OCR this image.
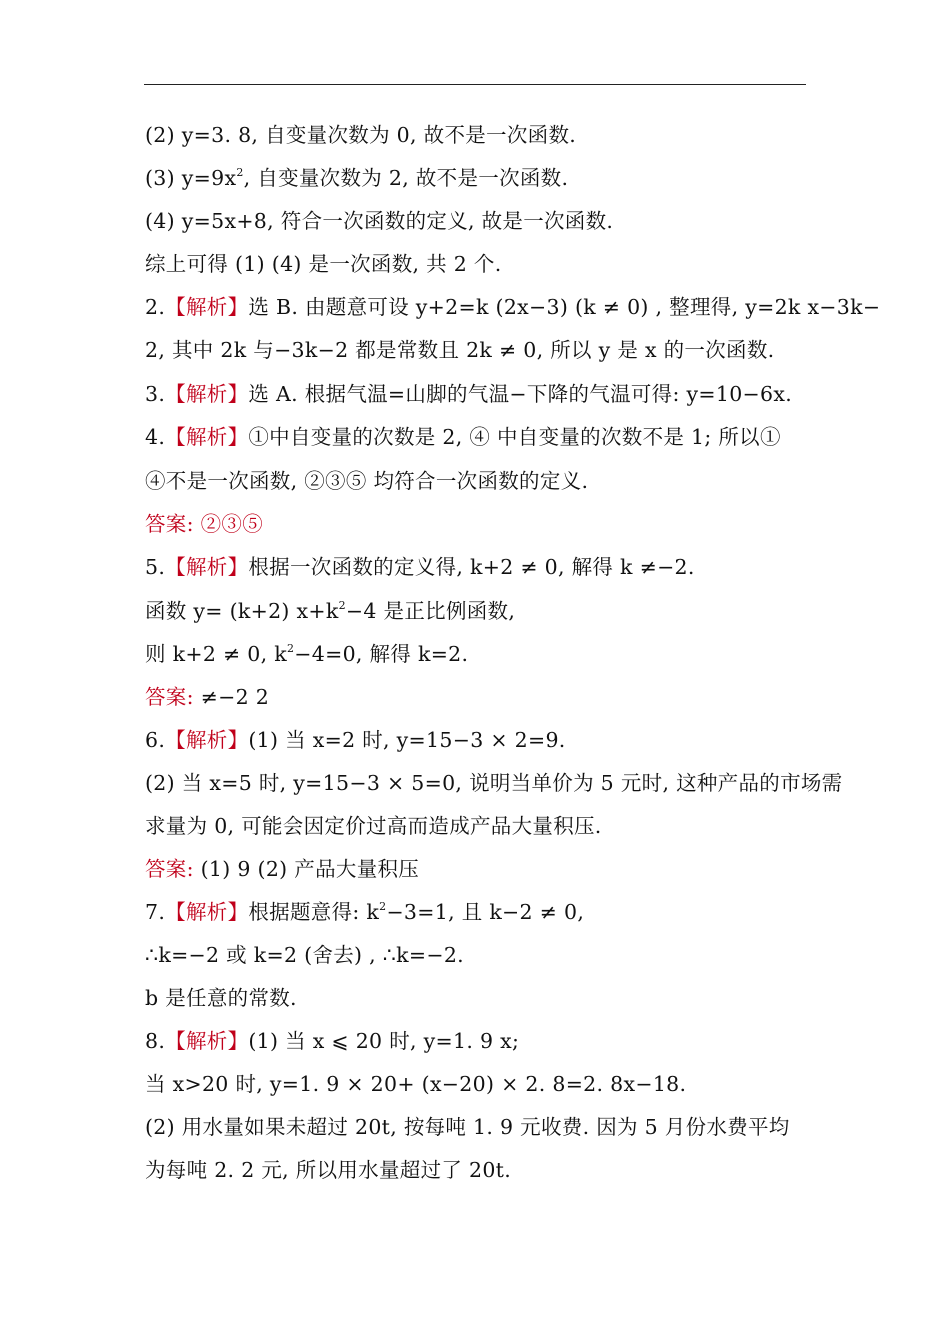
(2) y=3. 8, 自变量次数为 0, 故不是一次函数.
(3) $y=9x^2$, 自变量次数为 2, 故不是一次函数.
(4) y=5x+8, 符合一次函数的定义, 故是一次函数.
综上可得 (1) (4) 是一次函数, 共 2 个.
2.【解析】选 B. 由题意可设 y+2=k (2x−3) (k ≠ 0) , 整理得, y=2k x−3k−
2, 其中 2k 与−3k−2 都是常数且 2k ≠ 0, 所以 y 是 x 的一次函数.
3.【解析】选 A. 根据气温=山脚的气温−下降的气温可得: y=10−6x.
4.【解析】①中自变量的次数是 2, ④ 中自变量的次数不是 1; 所以①
④不是一次函数, ②③⑤ 均符合一次函数的定义.
答案: ②③⑤
5.【解析】根据一次函数的定义得, k+2 ≠ 0, 解得 k ≠−2.
函数 y= (k+2) $x+k^2-4$ 是正比例函数,
则 k+2 ≠ 0, $k^2-4=0$, 解得 k=2.
答案: ≠−2 2
6.【解析】(1) 当 x=2 时, y=15−3 × 2=9.
(2) 当 x=5 时, y=15−3 × 5=0, 说明当单价为 5 元时, 这种产品的市场需
求量为 0, 可能会因定价过高而造成产品大量积压.
答案: (1) 9 (2) 产品大量积压
7.【解析】根据题意得: $k^2-3=1$, 且 k−2 ≠ 0,
∴k=−2 或 k=2 (舍去) , ∴k=−2.
b 是任意的常数.
8.【解析】(1) 当 x ⩽ 20 时, y=1. 9 x;
当 x>20 时, y=1. 9 × 20+ (x−20) × 2. 8=2. 8x−18.
(2) 用水量如果未超过 20t, 按每吨 1. 9 元收费. 因为 5 月份水费平均
为每吨 2. 2 元, 所以用水量超过了 20t.
